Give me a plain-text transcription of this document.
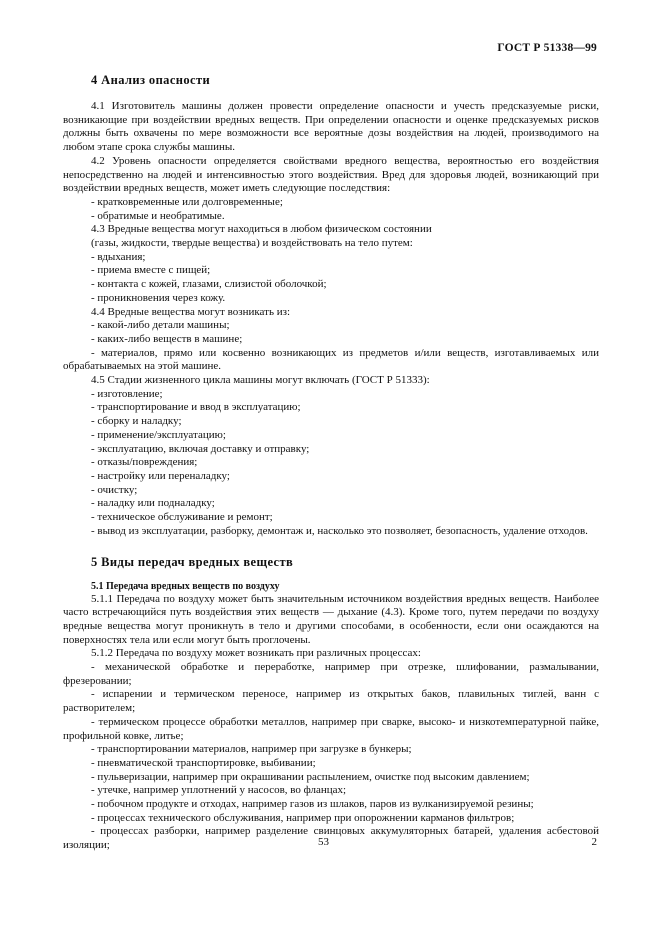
ГОСТ Р 51338—99
4 Анализ опасности

4.1 Изготовитель машины должен провести определение опасности и учесть предсказуемые риски, возникающие при воздействии вредных веществ. При определении опасности и оценке предсказуемых рисков должны быть охвачены по мере возможности все вероятные дозы воздействия на людей, производимого на любом этапе срока службы машины.

4.2 Уровень опасности определяется свойствами вредного вещества, вероятностью его воздействия непосредственно на людей и интенсивностью этого воздействия. Вред для здоровья людей, возникающий при воздействии вредных веществ, может иметь следующие последствия:

- кратковременные или долговременные;

- обратимые и необратимые.

4.3 Вредные вещества могут находиться в любом физическом состоянии

(газы, жидкости, твердые вещества) и воздействовать на тело путем:

- вдыхания;

- приема вместе с пищей;

- контакта с кожей, глазами, слизистой оболочкой;

- проникновения через кожу.

4.4 Вредные вещества могут возникать из:

- какой-либо детали машины;

- каких-либо веществ в машине;

- материалов, прямо или косвенно возникающих из предметов и/или веществ, изготавливаемых или обрабатываемых на этой машине.

4.5 Стадии жизненного цикла машины могут включать (ГОСТ Р 51333):

- изготовление;

- транспортирование и ввод в эксплуатацию;

- сборку и наладку;

- применение/эксплуатацию;

- эксплуатацию, включая доставку и отправку;

- отказы/повреждения;

- настройку или переналадку;

- очистку;

- наладку или подналадку;

- техническое обслуживание и ремонт;

- вывод из эксплуатации, разборку, демонтаж и, насколько это позволяет, безопасность, удаление отходов.

5 Виды передач вредных веществ
5.1 Передача вредных веществ по воздуху

5.1.1 Передача по воздуху может быть значительным источником воздействия вредных веществ. Наиболее часто встречающийся путь воздействия этих веществ — дыхание (4.3). Кроме того, путем передачи по воздуху вредные вещества могут проникнуть в тело и другими способами, в особенности, если они осаждаются на поверхностях тела или если могут быть проглочены.

5.1.2 Передача по воздуху может возникать при различных процессах:

- механической обработке и переработке, например при отрезке, шлифовании, размалывании, фрезеровании;

- испарении и термическом переносе, например из открытых баков, плавильных тиглей, ванн с растворителем;

- термическом процессе обработки металлов, например при сварке, высоко- и низкотемпературной пайке, профильной ковке, литье;

- транспортировании материалов, например при загрузке в бункеры;

- пневматической транспортировке, выбивании;

- пульверизации, например при окрашивании распылением, очистке под высоким давлением;

- утечке, например уплотнений у насосов, во фланцах;

- побочном продукте и отходах, например газов из шлаков, паров из вулканизируемой резины;

- процессах технического обслуживания, например при опорожнении карманов фильтров;

- процессах разборки, например разделение свинцовых аккумуляторных батарей, удаления асбестовой изоляции;	53	2
